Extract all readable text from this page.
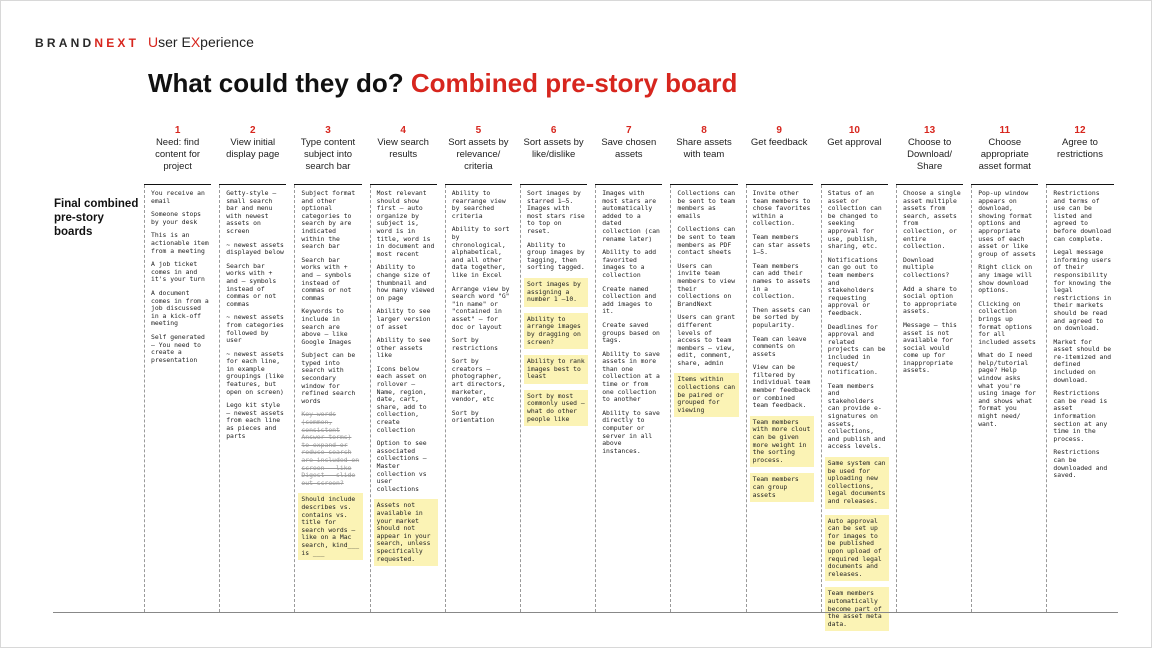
BRANDNEXT User EXperience
What could they do? Combined pre-story board
Final combined pre-story boards
1
Need: find content for project
You receive an email
Someone stops by your desk
This is an actionable item from a meeting
A job ticket comes in and it's your turn
A document comes in from a job discussed in a kick-off meeting
Self generated – You need to create a presentation
2
View initial display page
Getty-style – small search bar and menu with newest assets on screen
~ newest assets displayed below
Search bar works with + and – symbols instead of commas or not commas
~ newest assets from categories followed by user
~ newest assets for each line, in example groupings (like features, but open on screen)
Lego kit style – newest assets from each line as pieces and parts
3
Type content subject into search bar
Subject format and other optional categories to search by are indicated within the search bar
Search bar works with + and – symbols instead of commas or not commas
Keywords to include in search are above – like Google Images
Subject can be typed into search with secondary window for refined search words
Key words (common, consistent Answer terms) to expand or reduce search are included on screen – like Digest – slide out screen?
Should include describes vs. contains vs. title for search words – like on a Mac search, kind___ is ___
4
View search results
Most relevant should show first – auto organize by subject is, word is in title, word is in document and most recent
Ability to change size of thumbnail and how many viewed on page
Ability to see larger version of asset
Ability to see other assets like
Icons below each asset on rollover – Name, region, date, cart, share, add to collection, create collection
Option to see associated collections – Master collection vs user collections
Assets not available in your market should not appear in your search, unless specifically requested.
5
Sort assets by relevance/ criteria
Ability to rearrange view by searched criteria
Ability to sort by chronological, alphabetical, and all other data together, like in Excel
Arrange view by search word "G" "in name" or "contained in asset" – for doc or layout
Sort by restrictions
Sort by creators – photographer, art directors, marketer, vendor, etc
Sort by orientation
6
Sort assets by like/dislike
Sort images by starred 1–5. Images with most stars rise to top on reset.
Ability to group images by tagging, then sorting tagged.
Sort images by assigning a number 1 –10.
Ability to arrange images by dragging on screen?
Ability to rank images best to least
Sort by most commonly used – what do other people like
7
Save chosen assets
Images with most stars are automatically added to a dated collection (can rename later)
Ability to add favorited images to a collection
Create named collection and add images to it.
Create saved groups based on tags.
Ability to save assets in more than one collection at a time or from one collection to another
Ability to save directly to computer or server in all above instances.
8
Share assets with team
Collections can be sent to team members as emails
Collections can be sent to team members as PDF contact sheets
Users can invite team members to view their collections on BrandNext
Users can grant different levels of access to team members – view, edit, comment, share, admin
Items within collections can be paired or grouped for viewing
9
Get feedback
Invite other team members to chose favorites within a collection.
Team members can star assets 1–5.
Team members can add their names to assets in a collection.
Then assets can be sorted by popularity.
Team can leave comments on assets
View can be filtered by individual team member feedback or combined team feedback.
Team members with more clout can be given more weight in the sorting process.
Team members can group assets
10
Get approval
Status of an asset or collection can be changed to seeking approval for use, publish, sharing, etc.
Notifications can go out to team members and stakeholders requesting approval or feedback.
Deadlines for approval and related projects can be included in request/ notification.
Team members and stakeholders can provide e-signatures on assets, collections, and publish and access levels.
Same system can be used for uploading new collections, legal documents and releases.
Auto approval can be set up for images to be published upon upload of required legal documents and releases.
Team members automatically become part of the asset meta data.
13
Choose to Download/ Share
Choose a single asset multiple assets from search, assets from collection, or entire collection.
Download multiple collections?
Add a share to social option to appropriate assets.
Message – this asset is not available for social would come up for inappropriate assets.
11
Choose appropriate asset format
Pop-up window appears on download, showing format options and appropriate uses of each asset or like group of assets
Right click on any image will show download options.
Clicking on collection brings up format options for all included assets
What do I need help/tutorial page? Help window asks what you're using image for and shows what format you might need/ want.
12
Agree to restrictions
Restrictions and terms of use can be listed and agreed to before download can complete.
Legal message informing users of their responsibility for knowing the legal restrictions in their markets should be read and agreed to on download.
Market for asset should be re-itemized and defined included on download.
Restrictions can be read is asset information section at any time in the process.
Restrictions can be downloaded and saved.
